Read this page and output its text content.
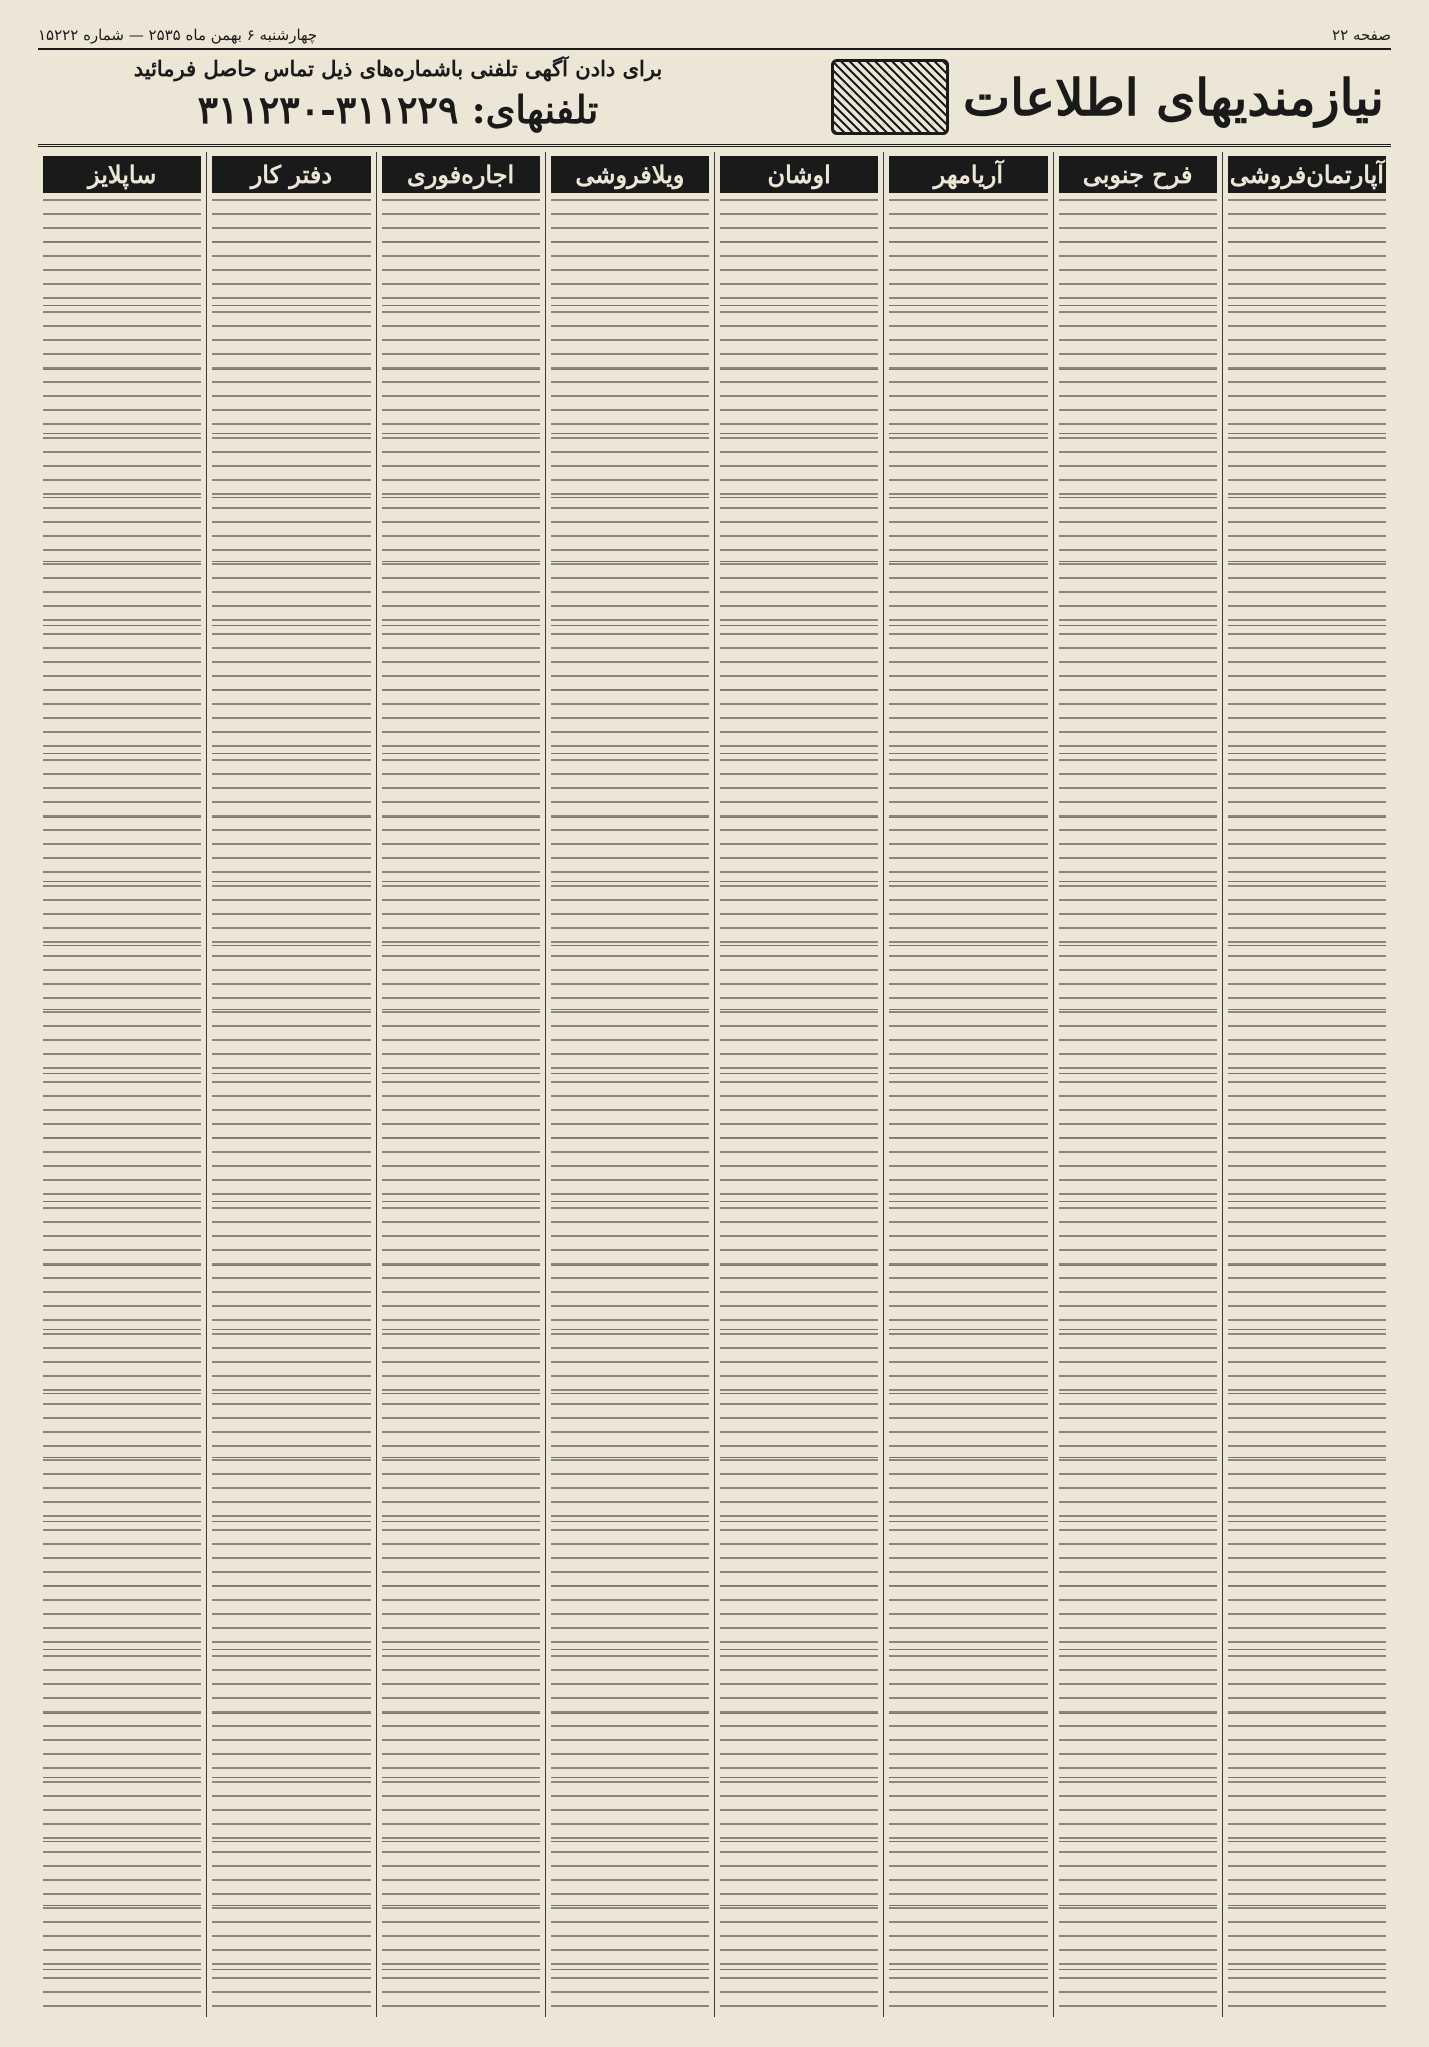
صفحه ۲۲
چهارشنبه ۶ بهمن ماه ۲۵۳۵ — شماره ۱۵۲۲۲
نیازمندیهای اطلاعات
برای دادن آگهی تلفنی باشماره‌های ذیل تماس حاصل فرمائید
تلفنهای: ۳۱۱۲۲۹-۳۱۱۲۳۰
آپارتمان‌فروشی
فرح جنوبی
آریامهر
اوشان
ویلافروشی
اجاره‌فوری
دفتر کار
ساپلایز
